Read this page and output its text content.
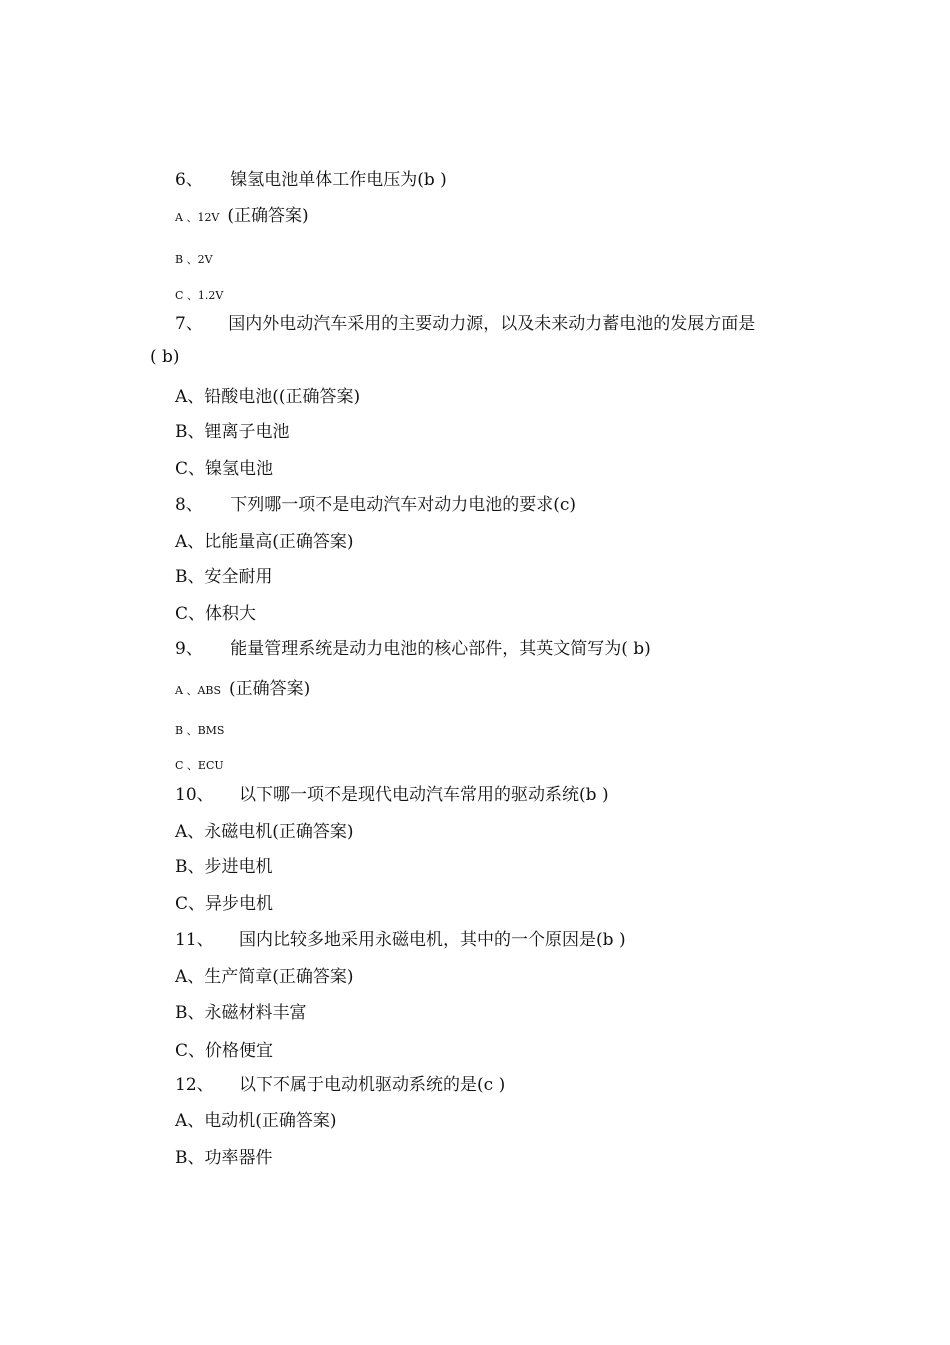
6、 镍氢电池单体工作电压为(b )
A 、12V (正确答案)
B 、2V
C 、1.2V
7、 国内外电动汽车采用的主要动力源，以及未来动力蓄电池的发展方面是
( b)
A、铅酸电池((正确答案)
B、锂离子电池
C、镍氢电池
8、 下列哪一项不是电动汽车对动力电池的要求(c)
A、比能量高(正确答案)
B、安全耐用
C、体积大
9、 能量管理系统是动力电池的核心部件，其英文简写为( b)
A 、ABS (正确答案)
B 、BMS
C 、ECU
10、 以下哪一项不是现代电动汽车常用的驱动系统(b )
A、永磁电机(正确答案)
B、步进电机
C、异步电机
11、 国内比较多地采用永磁电机，其中的一个原因是(b )
A、生产简章(正确答案)
B、永磁材料丰富
C、价格便宜
12、 以下不属于电动机驱动系统的是(c )
A、电动机(正确答案)
B、功率器件
